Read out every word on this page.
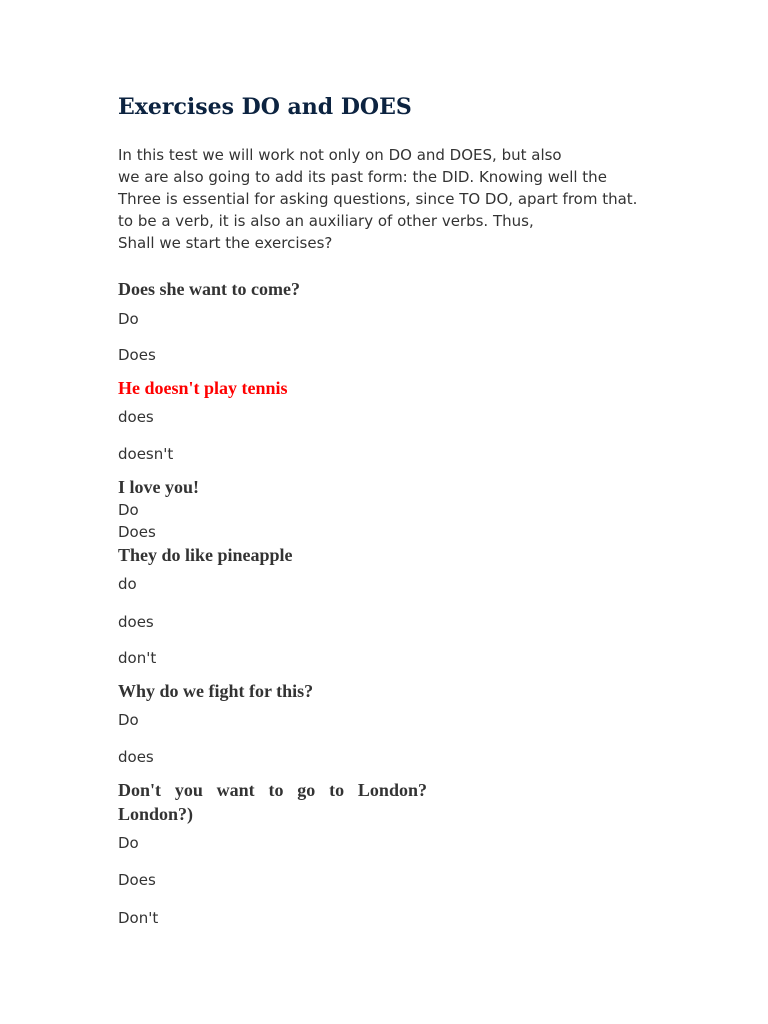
Exercises DO and DOES
In this test we will work not only on DO and DOES, but also
we are also going to add its past form: the DID. Knowing well the
Three is essential for asking questions, since TO DO, apart from that.
to be a verb, it is also an auxiliary of other verbs. Thus,
Shall we start the exercises?
Does she want to come?
Do
Does
He doesn't play tennis
does
doesn't
I love you!
Do
Does
They do like pineapple
do
does
don't
Why do we fight for this?
Do
does
Don't you want to go to London?
London?)
Do
Does
Don't
